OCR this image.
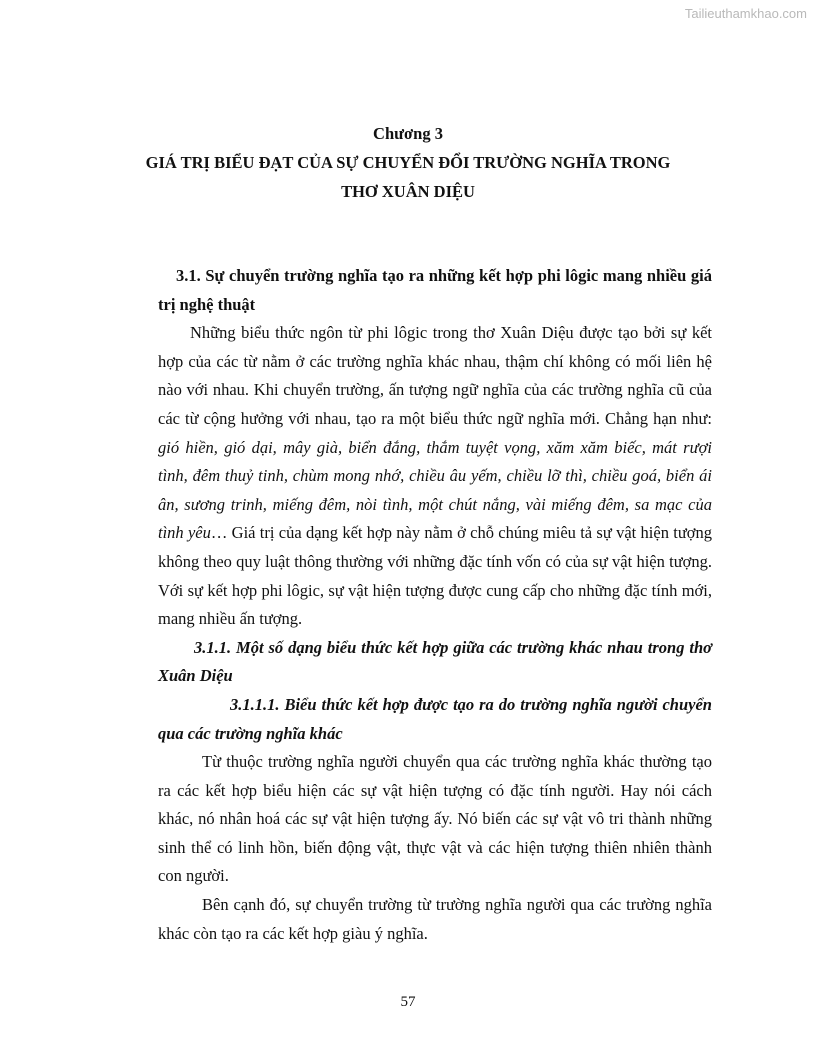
Tailieuthamkhao.com
Chương 3
GIÁ TRỊ BIỂU ĐẠT CỦA SỰ CHUYỂN ĐỔI TRƯỜNG NGHĨA TRONG
THƠ XUÂN DIỆU

3.1. Sự chuyển trường nghĩa tạo ra những kết hợp phi lôgic mang nhiều giá trị nghệ thuật

Những biểu thức ngôn từ phi lôgic trong thơ Xuân Diệu được tạo bởi sự kết hợp của các từ nằm ở các trường nghĩa khác nhau, thậm chí không có mối liên hệ nào với nhau. Khi chuyển trường, ấn tượng ngữ nghĩa của các trường nghĩa cũ của các từ cộng hưởng với nhau, tạo ra một biểu thức ngữ nghĩa mới. Chẳng hạn như: gió hiền, gió dại, mây già, biển đắng, thắm tuyệt vọng, xăm xăm biếc, mát rượi tình, đêm thuỷ tinh, chùm mong nhớ, chiều âu yếm, chiều lỡ thì, chiều goá, biển ái ân, sương trinh, miếng đêm, nòi tình, một chút nắng, vài miếng đêm, sa mạc của tình yêu… Giá trị của dạng kết hợp này nằm ở chỗ chúng miêu tả sự vật hiện tượng không theo quy luật thông thường với những đặc tính vốn có của sự vật hiện tượng. Với sự kết hợp phi lôgic, sự vật hiện tượng được cung cấp cho những đặc tính mới, mang nhiều ấn tượng.

3.1.1. Một số dạng biểu thức kết hợp giữa các trường khác nhau trong thơ Xuân Diệu

3.1.1.1. Biểu thức kết hợp được tạo ra do trường nghĩa người chuyển qua các trường nghĩa khác

Từ thuộc trường nghĩa người chuyển qua các trường nghĩa khác thường tạo ra các kết hợp biểu hiện các sự vật hiện tượng có đặc tính người. Hay nói cách khác, nó nhân hoá các sự vật hiện tượng ấy. Nó biến các sự vật vô tri thành những sinh thể có linh hồn, biến động vật, thực vật và các hiện tượng thiên nhiên thành con người.

Bên cạnh đó, sự chuyển trường từ trường nghĩa người qua các trường nghĩa khác còn tạo ra các kết hợp giàu ý nghĩa.

57
